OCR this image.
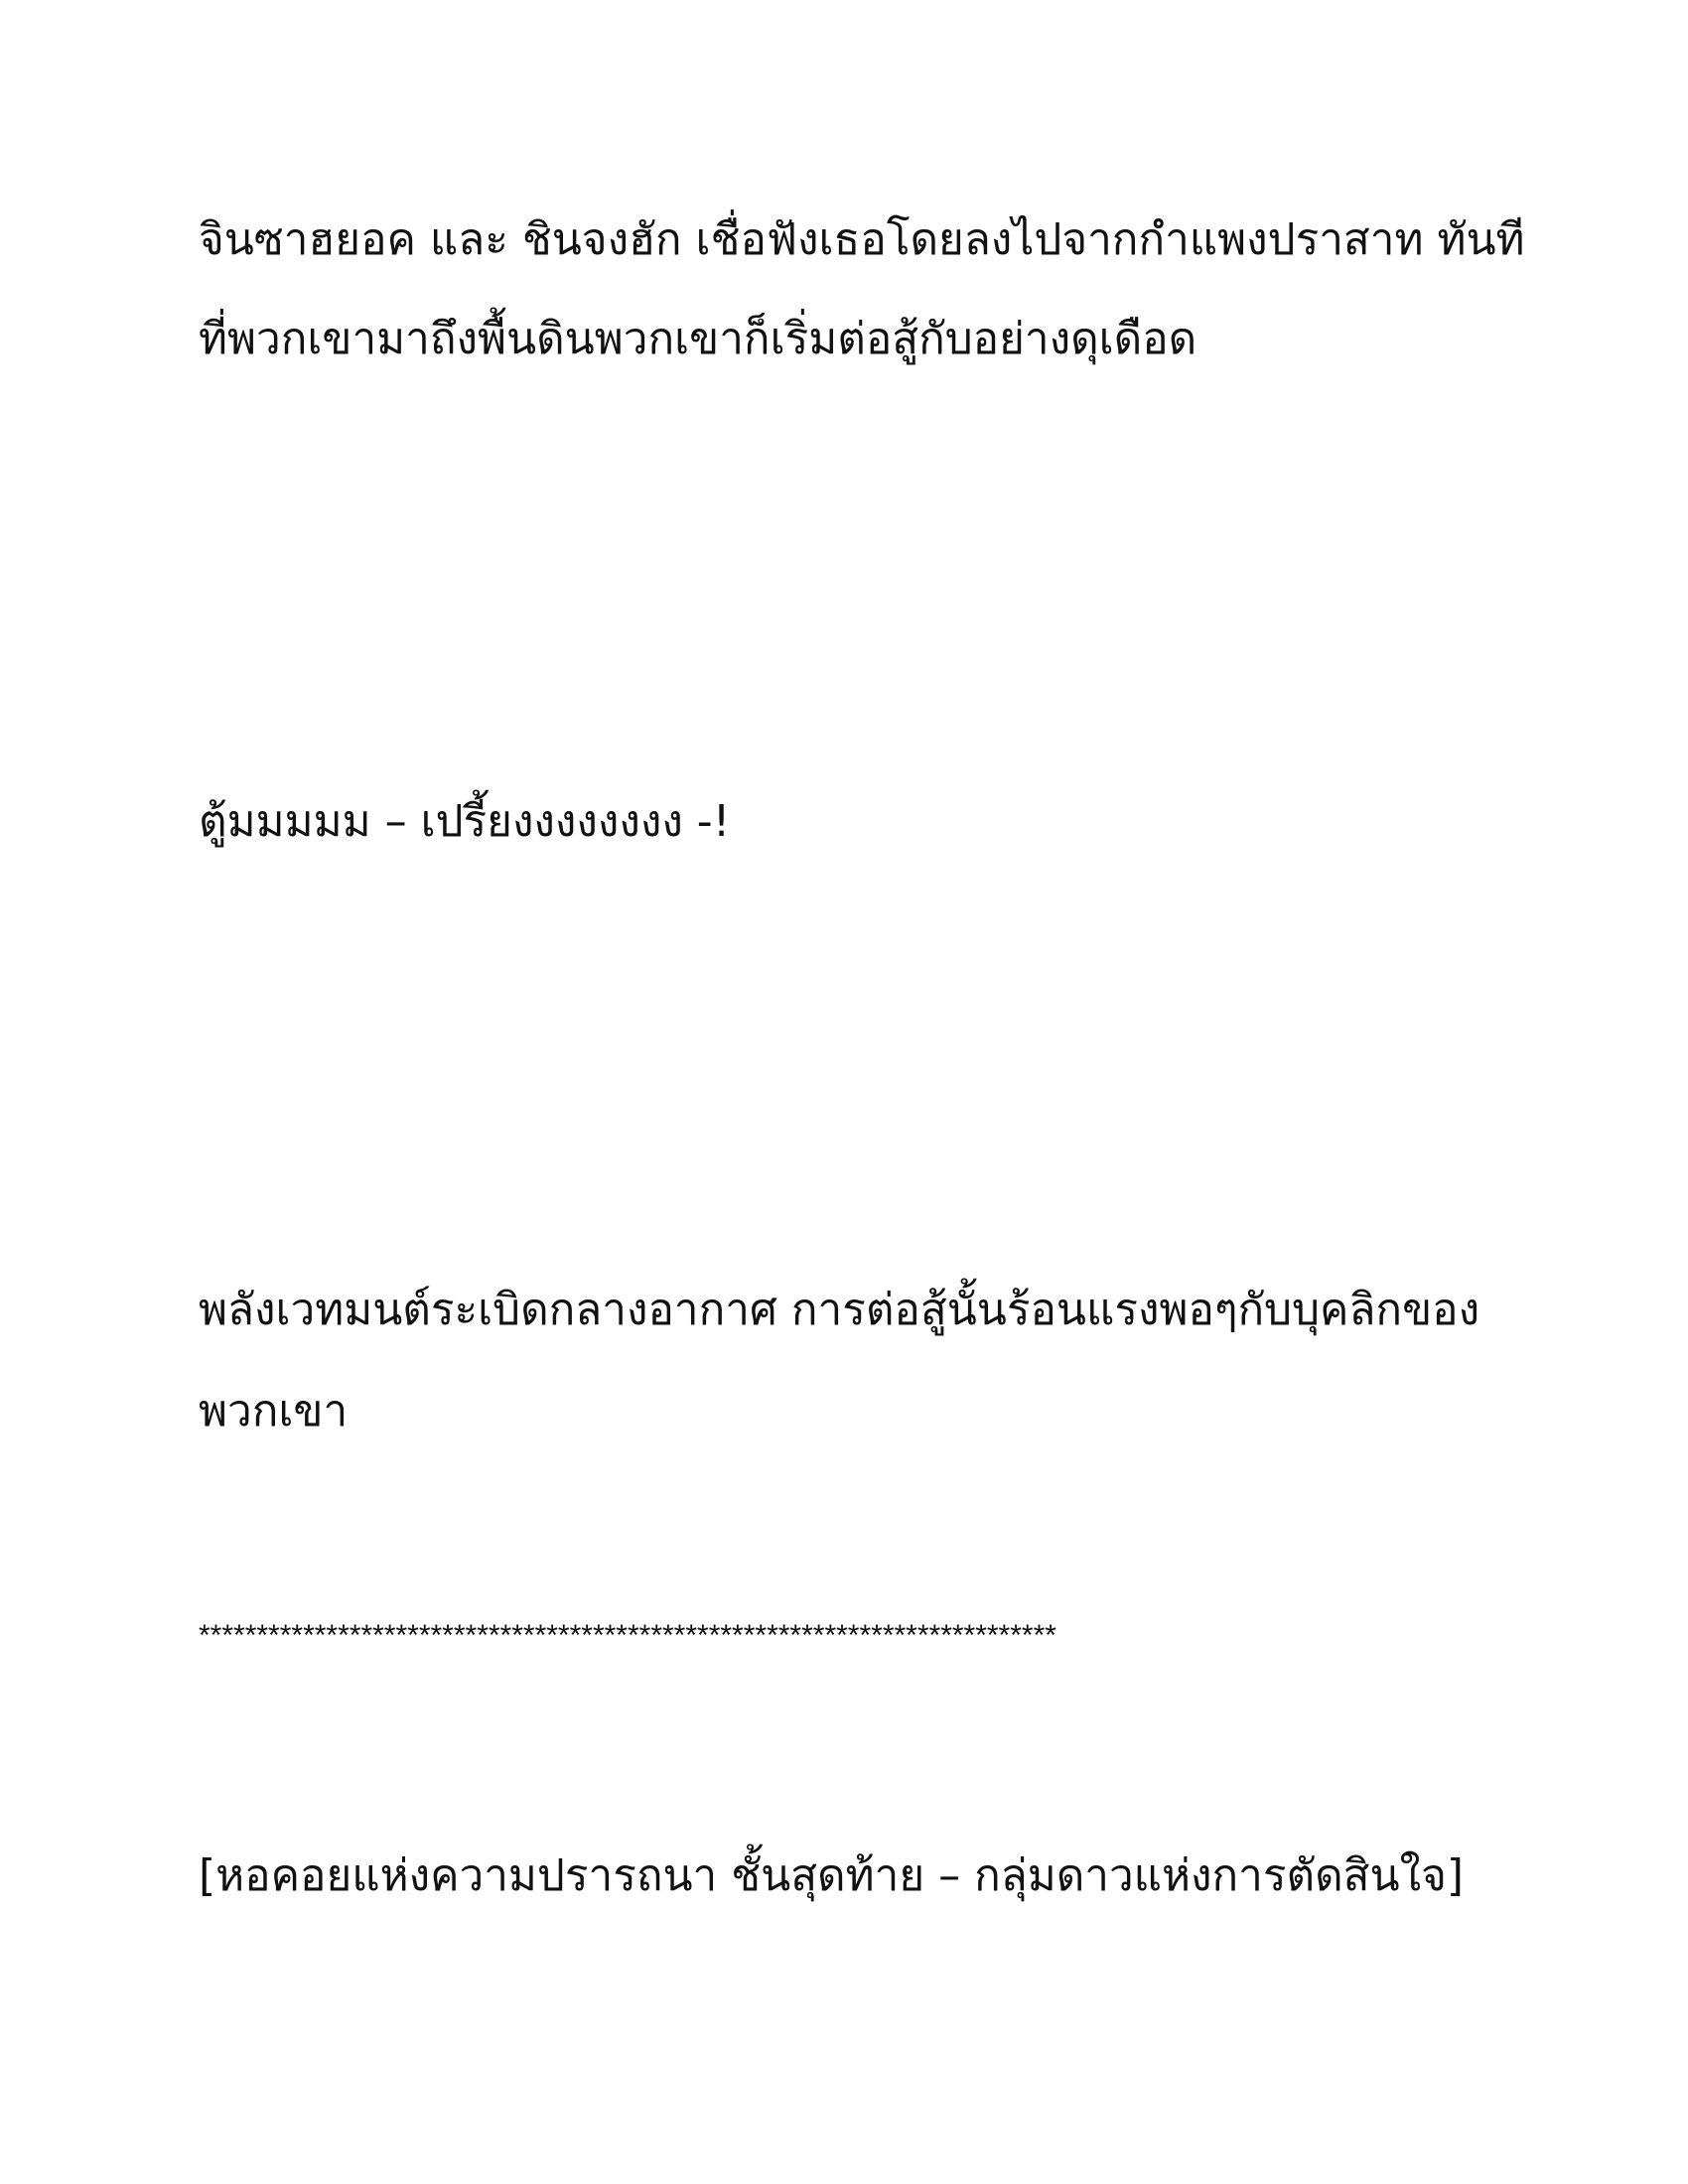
จินซาฮยอค และ ชินจงฮัก เชื่อฟังเธอโดยลงไปจากกำแพงปราสาท ทันที
ที่พวกเขามาถึงพื้นดินพวกเขาก็เริ่มต่อสู้กับอย่างดุเดือด
ตู้มมมมม – เปรี้ยงงงงงงงง -!
พลังเวทมนต์ระเบิดกลางอากาศ การต่อสู้นั้นร้อนแรงพอๆกับบุคลิกของ
พวกเขา
**************************************************************************
[หอคอยแห่งความปรารถนา ชั้นสุดท้าย – กลุ่มดาวแห่งการตัดสินใจ]
